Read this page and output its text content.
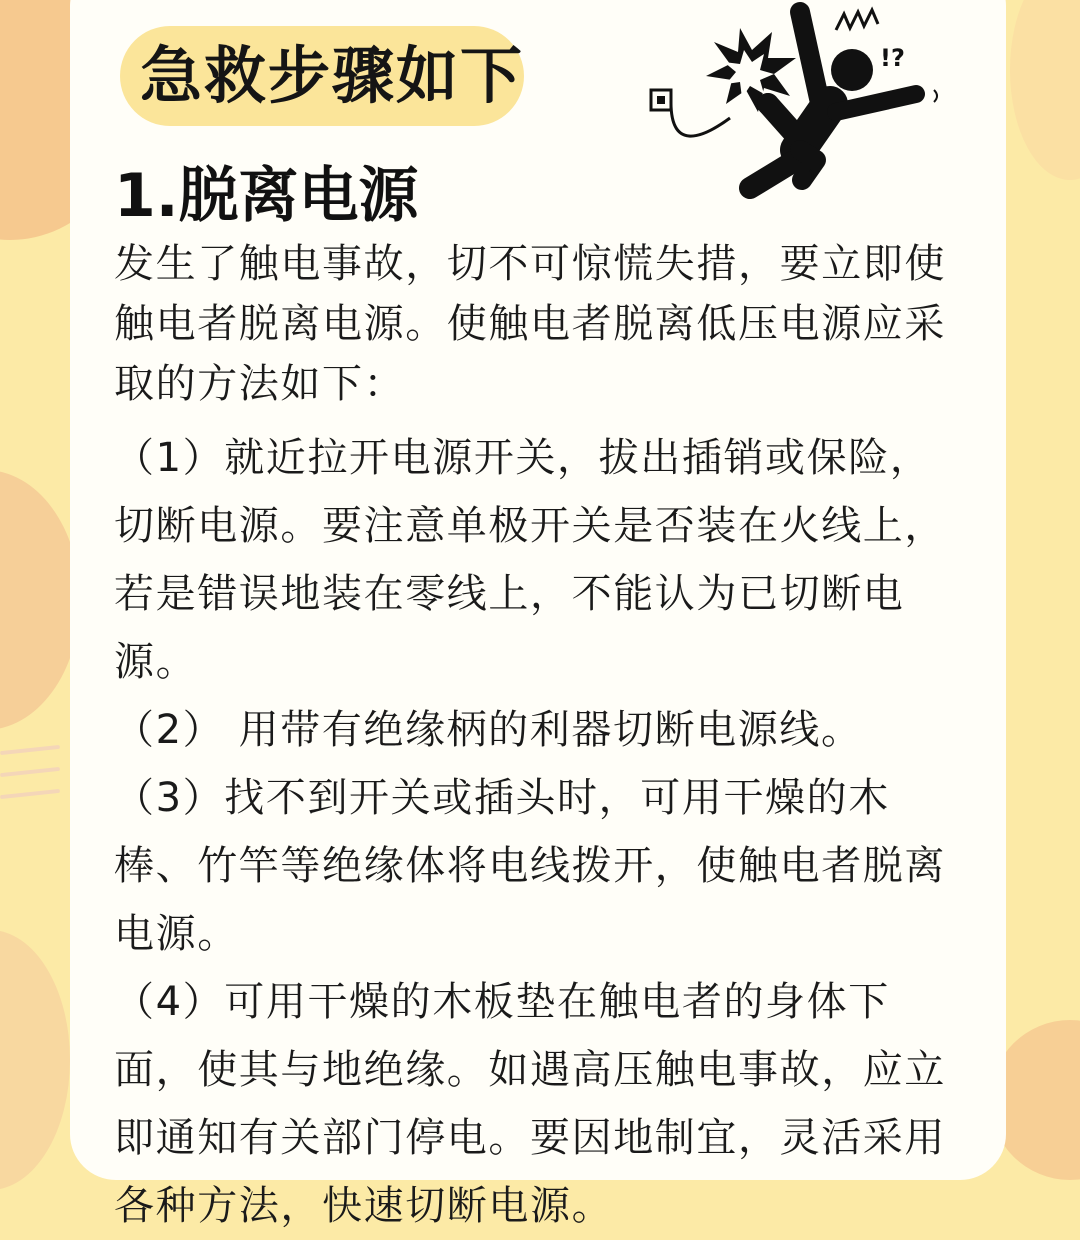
急救步骤如下	!?
1.脱离电源

发生了触电事故，切不可惊慌失措，要立即使触电者脱离电源。使触电者脱离低压电源应采取的方法如下：

（1）就近拉开电源开关，拔出插销或保险，切断电源。要注意单极开关是否装在火线上，若是错误地装在零线上，不能认为已切断电源。

（2） 用带有绝缘柄的利器切断电源线。

（3）找不到开关或插头时，可用干燥的木棒、竹竿等绝缘体将电线拨开，使触电者脱离电源。

（4）可用干燥的木板垫在触电者的身体下面，使其与地绝缘。如遇高压触电事故，应立即通知有关部门停电。要因地制宜，灵活采用各种方法，快速切断电源。
